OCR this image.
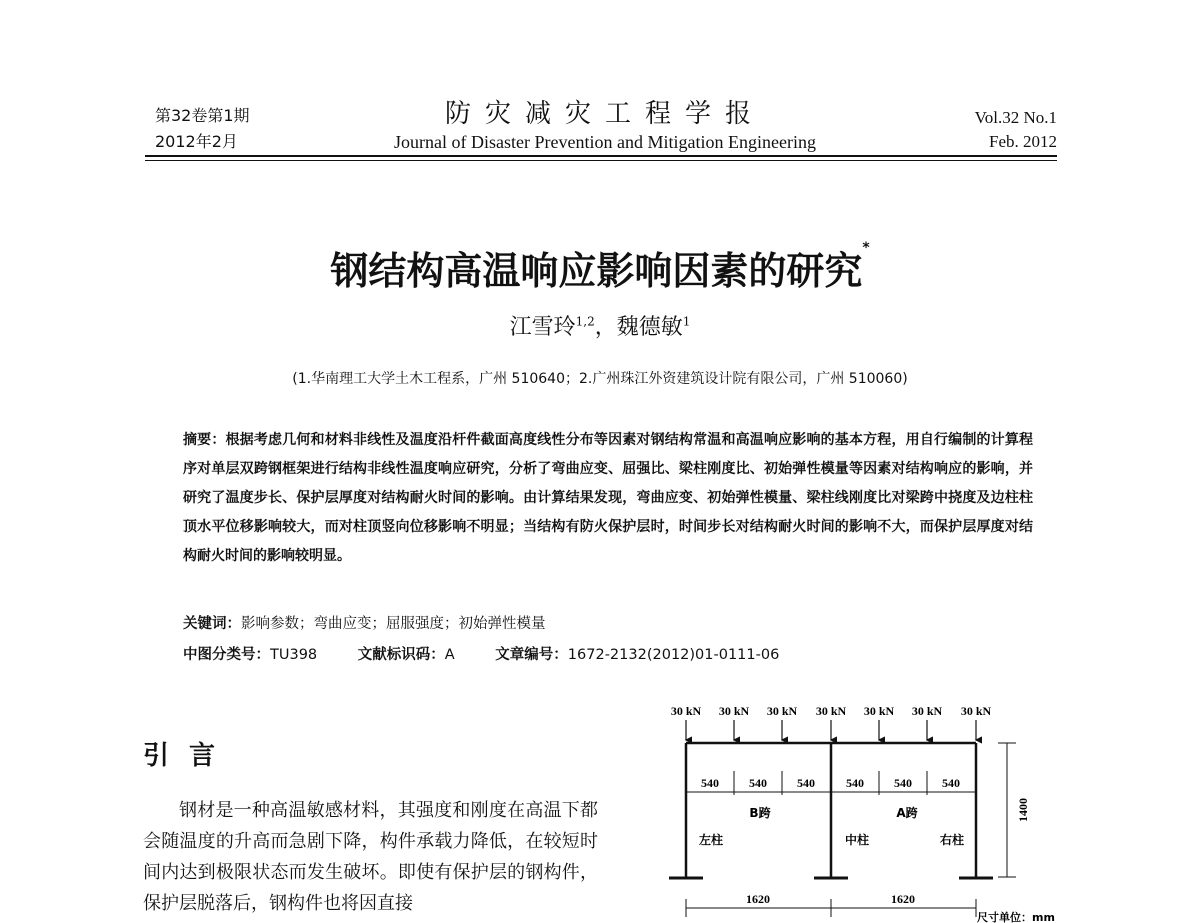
第32卷第1期
2012年2月
防灾减灾工程学报
Journal of Disaster Prevention and Mitigation Engineering
Vol.32 No.1
Feb. 2012
钢结构高温响应影响因素的研究*
江雪玲$^{1,2}$，魏德敏$^1$
(1.华南理工大学土木工程系，广州 510640；2.广州珠江外资建筑设计院有限公司，广州 510060)
摘要：根据考虑几何和材料非线性及温度沿杆件截面高度线性分布等因素对钢结构常温和高温响应影响的基本方程，用自行编制的计算程序对单层双跨钢框架进行结构非线性温度响应研究，分析了弯曲应变、屈强比、梁柱刚度比、初始弹性模量等因素对结构响应的影响，并研究了温度步长、保护层厚度对结构耐火时间的影响。由计算结果发现，弯曲应变、初始弹性模量、梁柱线刚度比对梁跨中挠度及边柱柱顶水平位移影响较大，而对柱顶竖向位移影响不明显；当结构有防火保护层时，时间步长对结构耐火时间的影响不大，而保护层厚度对结构耐火时间的影响较明显。
关键词：影响参数；弯曲应变；屈服强度；初始弹性模量
中图分类号：TU398	文献标识码：A	文章编号：1672-2132(2012)01-0111-06
引言

钢材是一种高温敏感材料，其强度和刚度在高温下都会随温度的升高而急剧下降，构件承载力降低，在较短时间内达到极限状态而发生破坏。即使有保护层的钢构件，保护层脱落后，钢构件也将因直接

30 kN 30 kN 30 kN 30 kN 30 kN 30 kN 30 kN
540	540	540	540	540	540
B跨	A跨
左柱	中柱	右柱
1400
1620	1620
尺寸单位：mm
